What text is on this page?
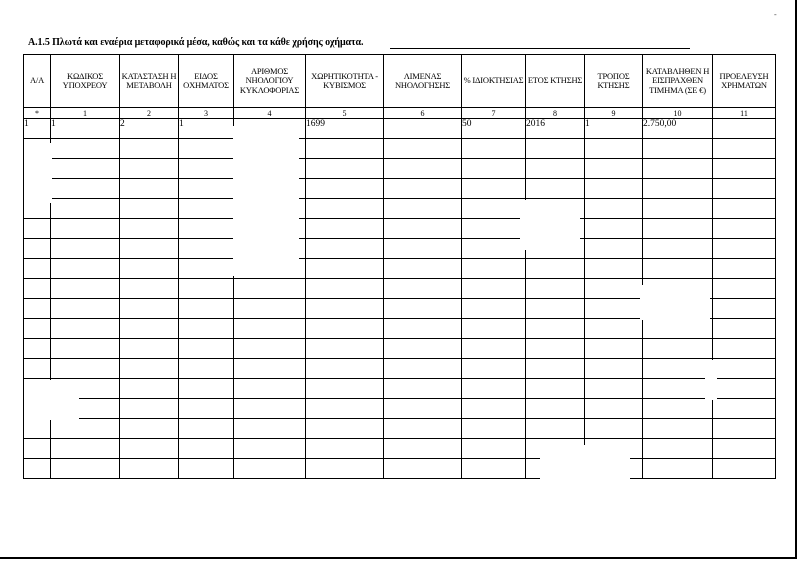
-
Α.1.5 Πλωτά και εναέρια μεταφορικά μέσα, καθώς και τα κάθε χρήσης οχήματα.
Α/Α	ΚΩΔΙΚΟΣ ΥΠΟΧΡΕΟΥ	ΚΑΤΑΣΤΑΣΗ Η ΜΕΤΑΒΟΛΗ	ΕΙΔΟΣ ΟΧΗΜΑΤΟΣ	ΑΡΙΘΜΟΣ ΝΗΟΛΟΓΙΟΥ ΚΥΚΛΟΦΟΡΙΑΣ	ΧΩΡΗΤΙΚΟΤΗΤΑ - ΚΥΒΙΣΜΟΣ	ΛΙΜΕΝΑΣ ΝΗΟΛΟΓΗΣΗΣ	% ΙΔΙΟΚΤΗΣΙΑΣ	ΕΤΟΣ ΚΤΗΣΗΣ	ΤΡΟΠΟΣ ΚΤΗΣΗΣ	ΚΑΤΑΒΛΗΘΕΝ Η ΕΙΣΠΡΑΧΘΕΝ ΤΙΜΗΜΑ (ΣΕ €)	ΠΡΟΕΛΕΥΣΗ ΧΡΗΜΑΤΩΝ
*	1	2	3	4	5	6	7	8	9	10	11
1	1	2	1		1699		50	2016	1	2.750,00	
